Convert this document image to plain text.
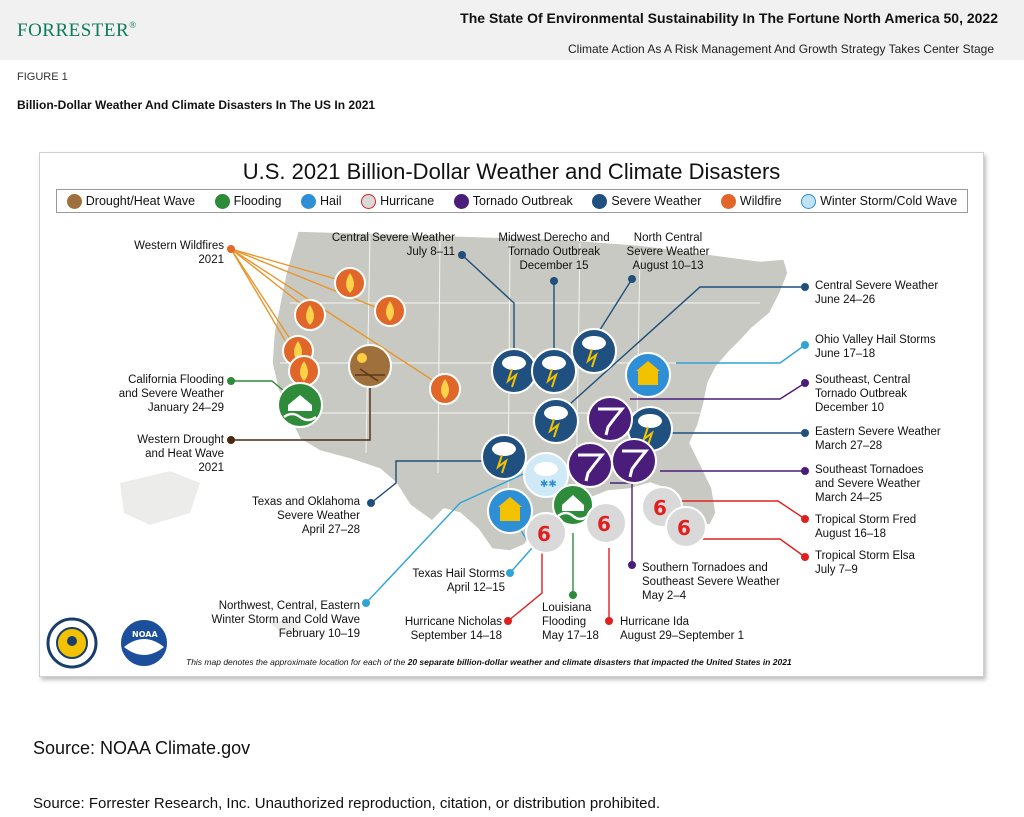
FORRESTER®	The State Of Environmental Sustainability In The Fortune North America 50, 2022
Climate Action As A Risk Management And Growth Strategy Takes Center Stage
FIGURE 1
Billion-Dollar Weather And Climate Disasters In The US In 2021
✱✱
6 6
6
6
NOAA
U.S. 2021 Billion-Dollar Weather and Climate Disasters
Drought/Heat Wave	Flooding	Hail	Hurricane	Tornado Outbreak	Severe Weather	Wildfire	Winter Storm/Cold Wave
Western Wildfires
2021
California Flooding
and Severe Weather
January 24–29
Western Drought
and Heat Wave
2021
Texas and Oklahoma
Severe Weather
April 27–28
Northwest, Central, Eastern
Winter Storm and Cold Wave
February 10–19
Central Severe Weather
July 8–11
Midwest Derecho and
Tornado Outbreak
December 15
North Central
Severe Weather
August 10–13
Central Severe Weather
June 24–26
Ohio Valley Hail Storms
June 17–18
Southeast, Central
Tornado Outbreak
December 10
Eastern Severe Weather
March 27–28
Southeast Tornadoes
and Severe Weather
March 24–25
Tropical Storm Fred
August 16–18
Tropical Storm Elsa
July 7–9
Southern Tornadoes and
Southeast Severe Weather
May 2–4
Texas Hail Storms
April 12–15
Hurricane Nicholas
September 14–18
Louisiana
Flooding
May 17–18
Hurricane Ida
August 29–September 1
This map denotes the approximate location for each of the 20 separate billion-dollar weather and climate disasters that impacted the United States in 2021
Source: NOAA Climate.gov
Source: Forrester Research, Inc. Unauthorized reproduction, citation, or distribution prohibited.
